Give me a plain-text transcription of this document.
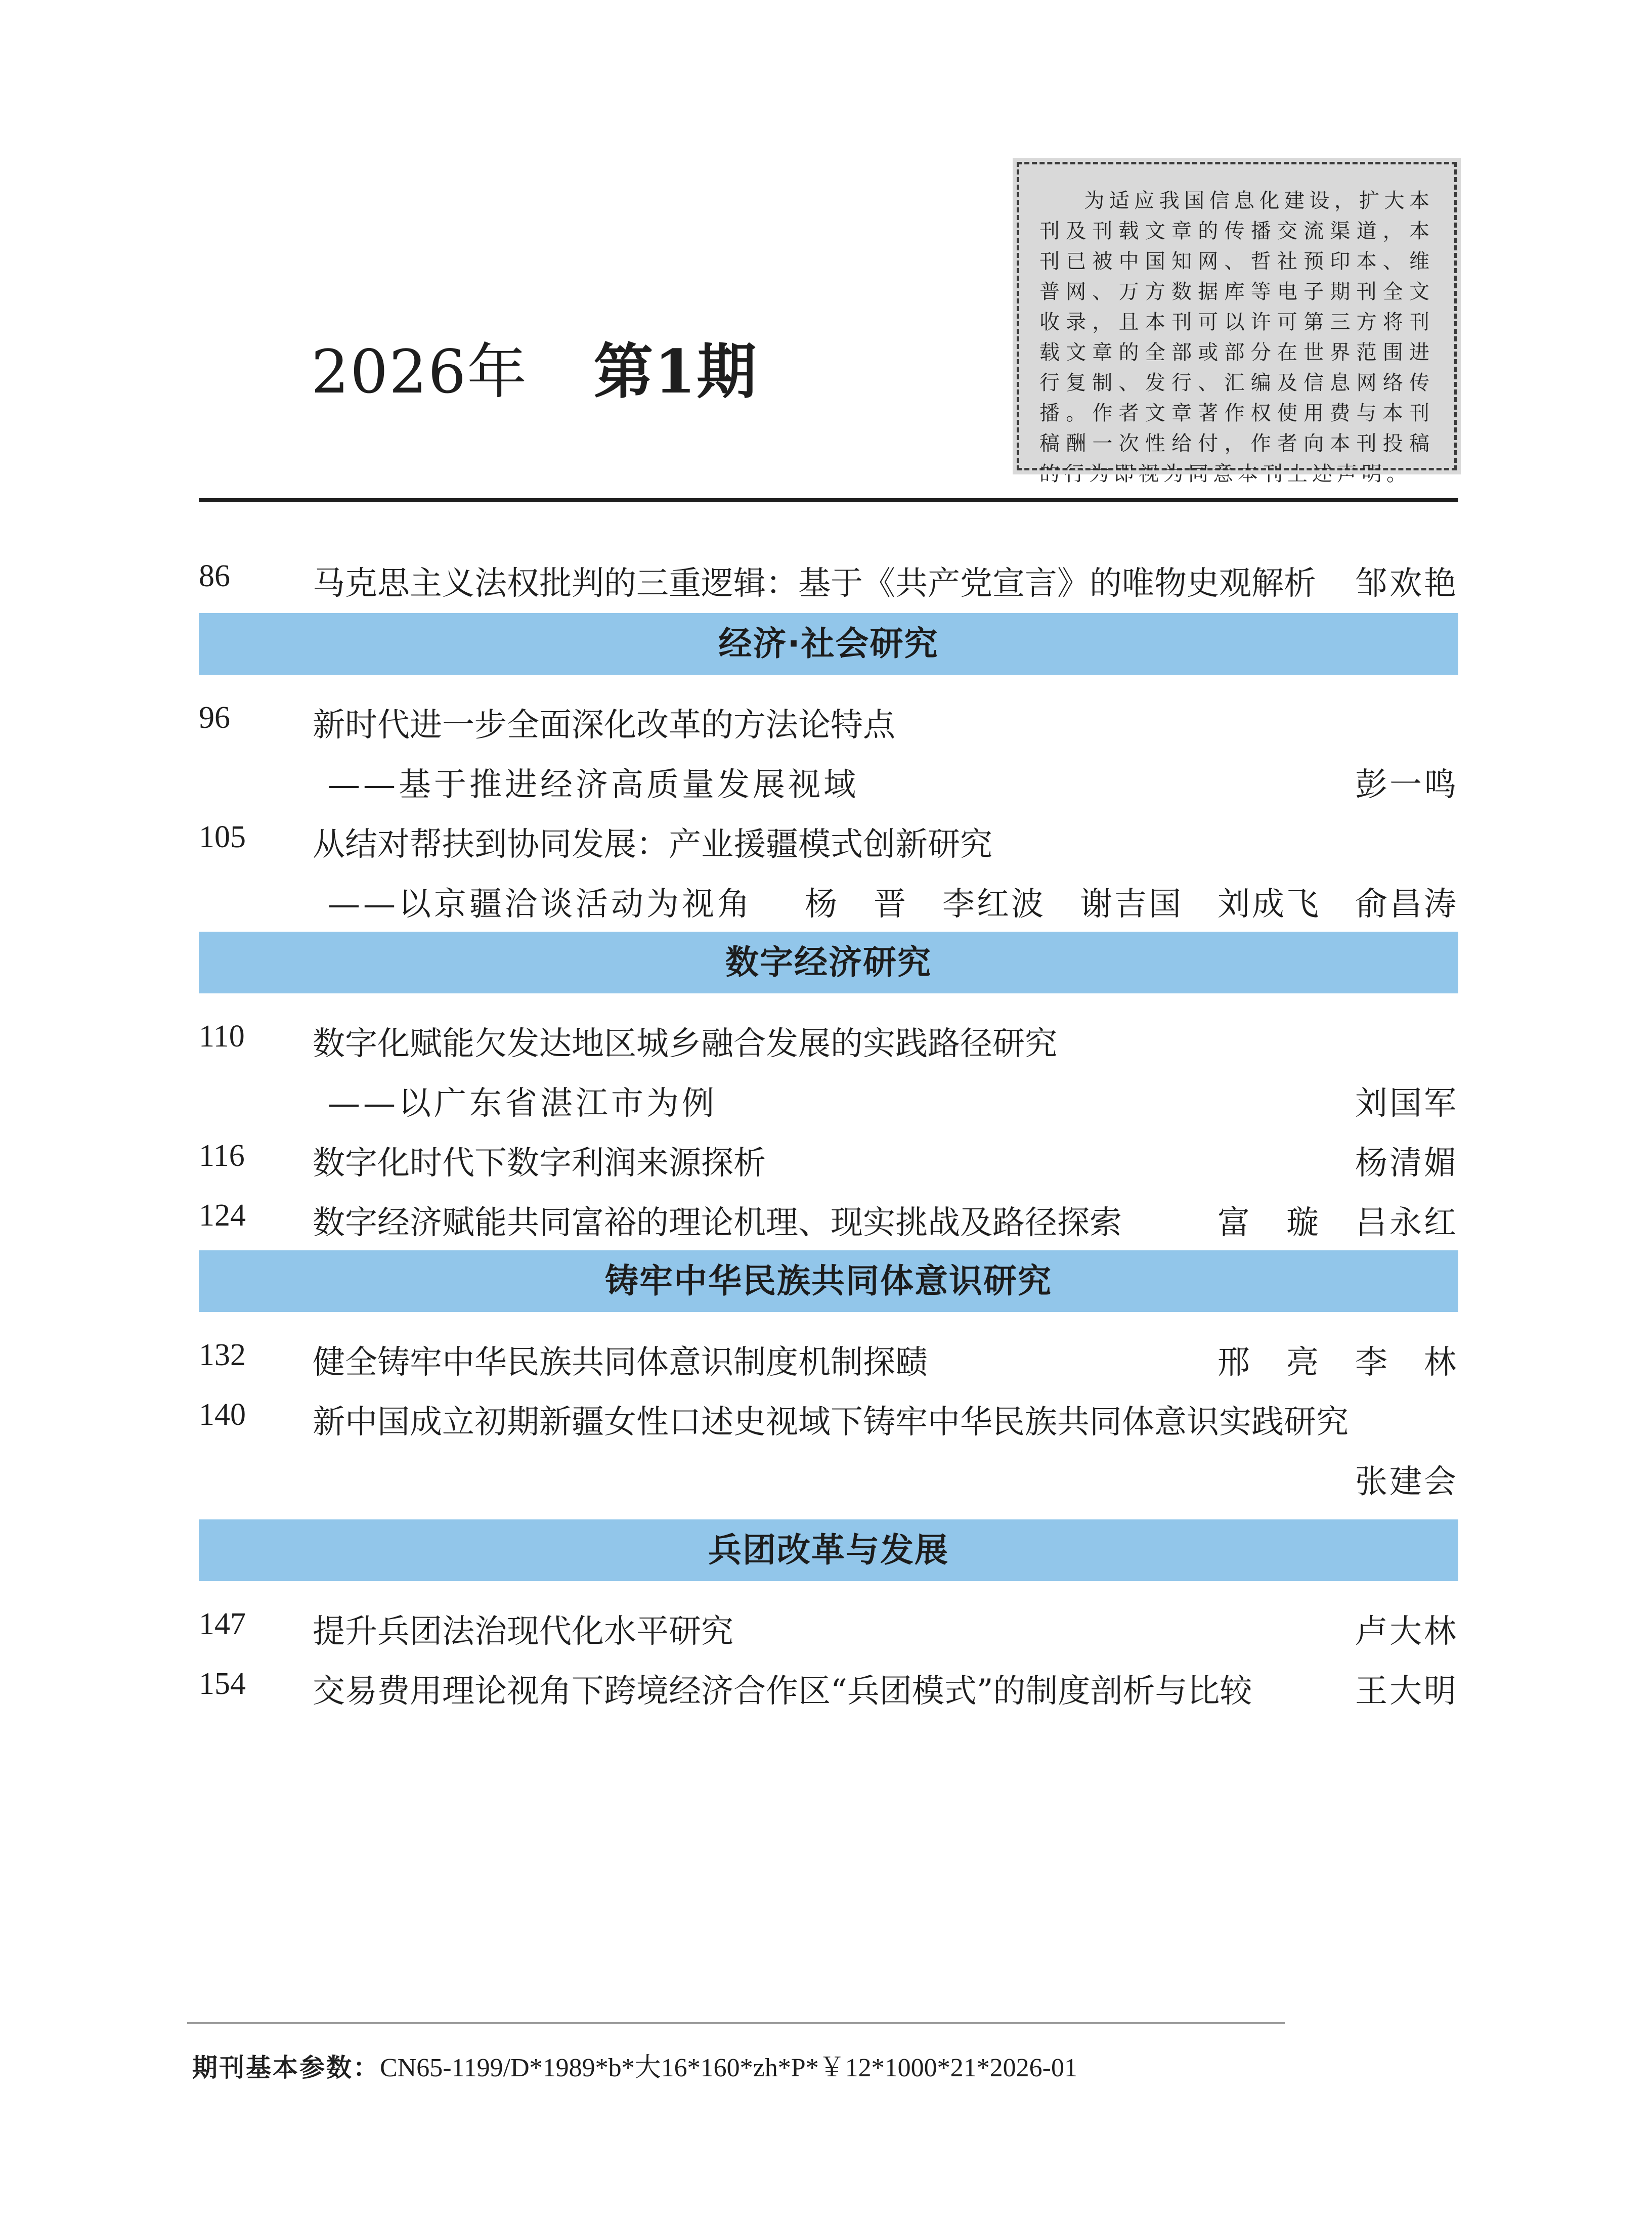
2026年 第1期
为适应我国信息化建设，扩大本刊及刊载文章的传播交流渠道，本刊已被中国知网、哲社预印本、维普网、万方数据库等电子期刊全文收录，且本刊可以许可第三方将刊载文章的全部或部分在世界范围进行复制、发行、汇编及信息网络传播。作者文章著作权使用费与本刊稿酬一次性给付，作者向本刊投稿的行为即视为同意本刊上述声明。
86	马克思主义法权批判的三重逻辑：基于《共产党宣言》的唯物史观解析 邹欢艳
经济·社会研究
96	新时代进一步全面深化改革的方法论特点
——基于推进经济高质量发展视域	彭一鸣
105 从结对帮扶到协同发展：产业援疆模式创新研究
——以京疆洽谈活动为视角 杨　晋　李红波　谢吉国　刘成飞　俞昌涛
数字经济研究
110 数字化赋能欠发达地区城乡融合发展的实践路径研究
——以广东省湛江市为例	刘国军
116 数字化时代下数字利润来源探析	杨清媚
124 数字经济赋能共同富裕的理论机理、现实挑战及路径探索	富　璇　吕永红
铸牢中华民族共同体意识研究
132 健全铸牢中华民族共同体意识制度机制探赜	邢　亮　李　林
140 新中国成立初期新疆女性口述史视域下铸牢中华民族共同体意识实践研究
张建会
兵团改革与发展
147 提升兵团法治现代化水平研究	卢大林
154 交易费用理论视角下跨境经济合作区“兵团模式”的制度剖析与比较	王大明
期刊基本参数：CN65-1199/D*1989*b*大16*160*zh*P*￥12*1000*21*2026-01
